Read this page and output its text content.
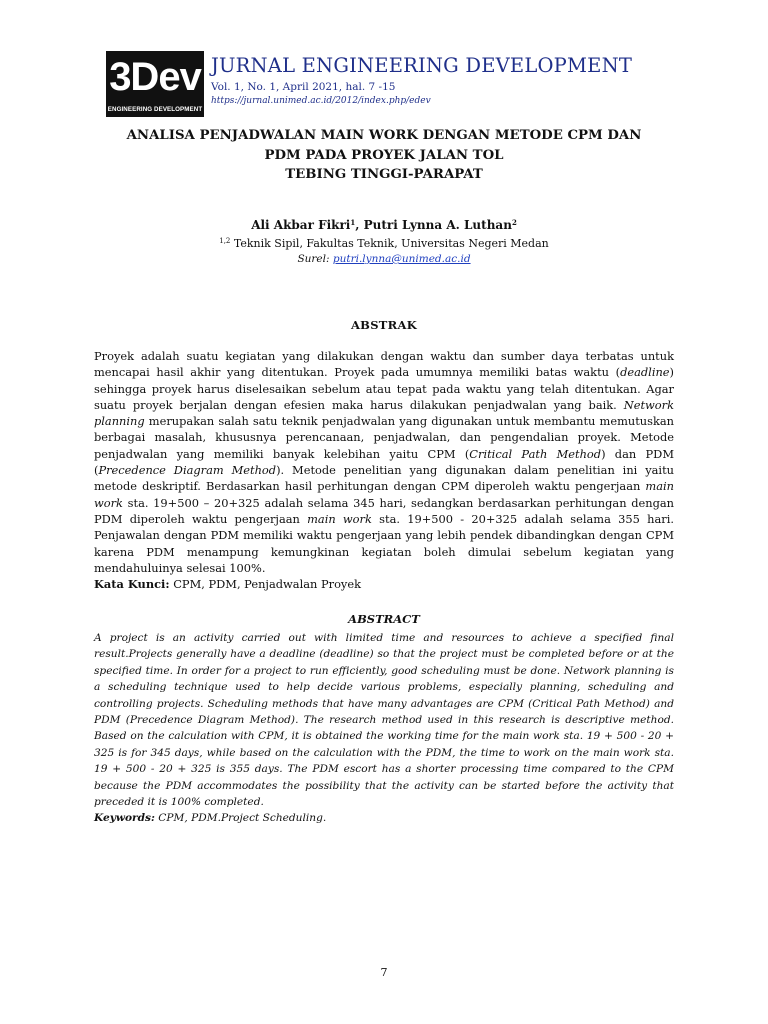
3Dev
ENGINEERING DEVELOPMENT
JURNAL ENGINEERING DEVELOPMENT
Vol. 1, No. 1, April 2021, hal. 7 -15
https://jurnal.unimed.ac.id/2012/index.php/edev
ANALISA PENJADWALAN MAIN WORK DENGAN METODE CPM DAN
PDM PADA PROYEK JALAN TOL
TEBING TINGGI-PARAPAT
Ali Akbar Fikri$^1$, Putri Lynna A. Luthan$^2$
$^{1,2}$ Teknik Sipil, Fakultas Teknik, Universitas Negeri Medan
Surel: putri.lynna@unimed.ac.id
ABSTRAK

Proyek adalah suatu kegiatan yang dilakukan dengan waktu dan sumber daya terbatas untuk mencapai hasil akhir yang ditentukan. Proyek pada umumnya memiliki batas waktu (deadline) sehingga proyek harus diselesaikan sebelum atau tepat pada waktu yang telah ditentukan. Agar suatu proyek berjalan dengan efesien maka harus dilakukan penjadwalan yang baik. Network planning merupakan salah satu teknik penjadwalan yang digunakan untuk membantu memutuskan berbagai masalah, khususnya perencanaan, penjadwalan, dan pengendalian proyek. Metode penjadwalan yang memiliki banyak kelebihan yaitu CPM (Critical Path Method) dan PDM (Precedence Diagram Method). Metode penelitian yang digunakan dalam penelitian ini yaitu metode deskriptif. Berdasarkan hasil perhitungan dengan CPM diperoleh waktu pengerjaan main work sta. 19+500 – 20+325 adalah selama 345 hari, sedangkan berdasarkan perhitungan dengan PDM diperoleh waktu pengerjaan main work sta. 19+500 - 20+325 adalah selama 355 hari. Penjawalan dengan PDM memiliki waktu pengerjaan yang lebih pendek dibandingkan dengan CPM karena PDM menampung kemungkinan kegiatan boleh dimulai sebelum kegiatan yang mendahuluinya selesai 100%.

Kata Kunci: CPM, PDM, Penjadwalan Proyek

ABSTRACT

A project is an activity carried out with limited time and resources to achieve a specified final result.Projects generally have a deadline (deadline) so that the project must be completed before or at the specified time. In order for a project to run efficiently, good scheduling must be done. Network planning is a scheduling technique used to help decide various problems, especially planning, scheduling and controlling projects. Scheduling methods that have many advantages are CPM (Critical Path Method) and PDM (Precedence Diagram Method). The research method used in this research is descriptive method. Based on the calculation with CPM, it is obtained the working time for the main work sta. 19 + 500 - 20 + 325 is for 345 days, while based on the calculation with the PDM, the time to work on the main work sta. 19 + 500 - 20 + 325 is 355 days. The PDM escort has a shorter processing time compared to the CPM because the PDM accommodates the possibility that the activity can be started before the activity that preceded it is 100% completed.

Keywords: CPM, PDM.Project Scheduling.

7
